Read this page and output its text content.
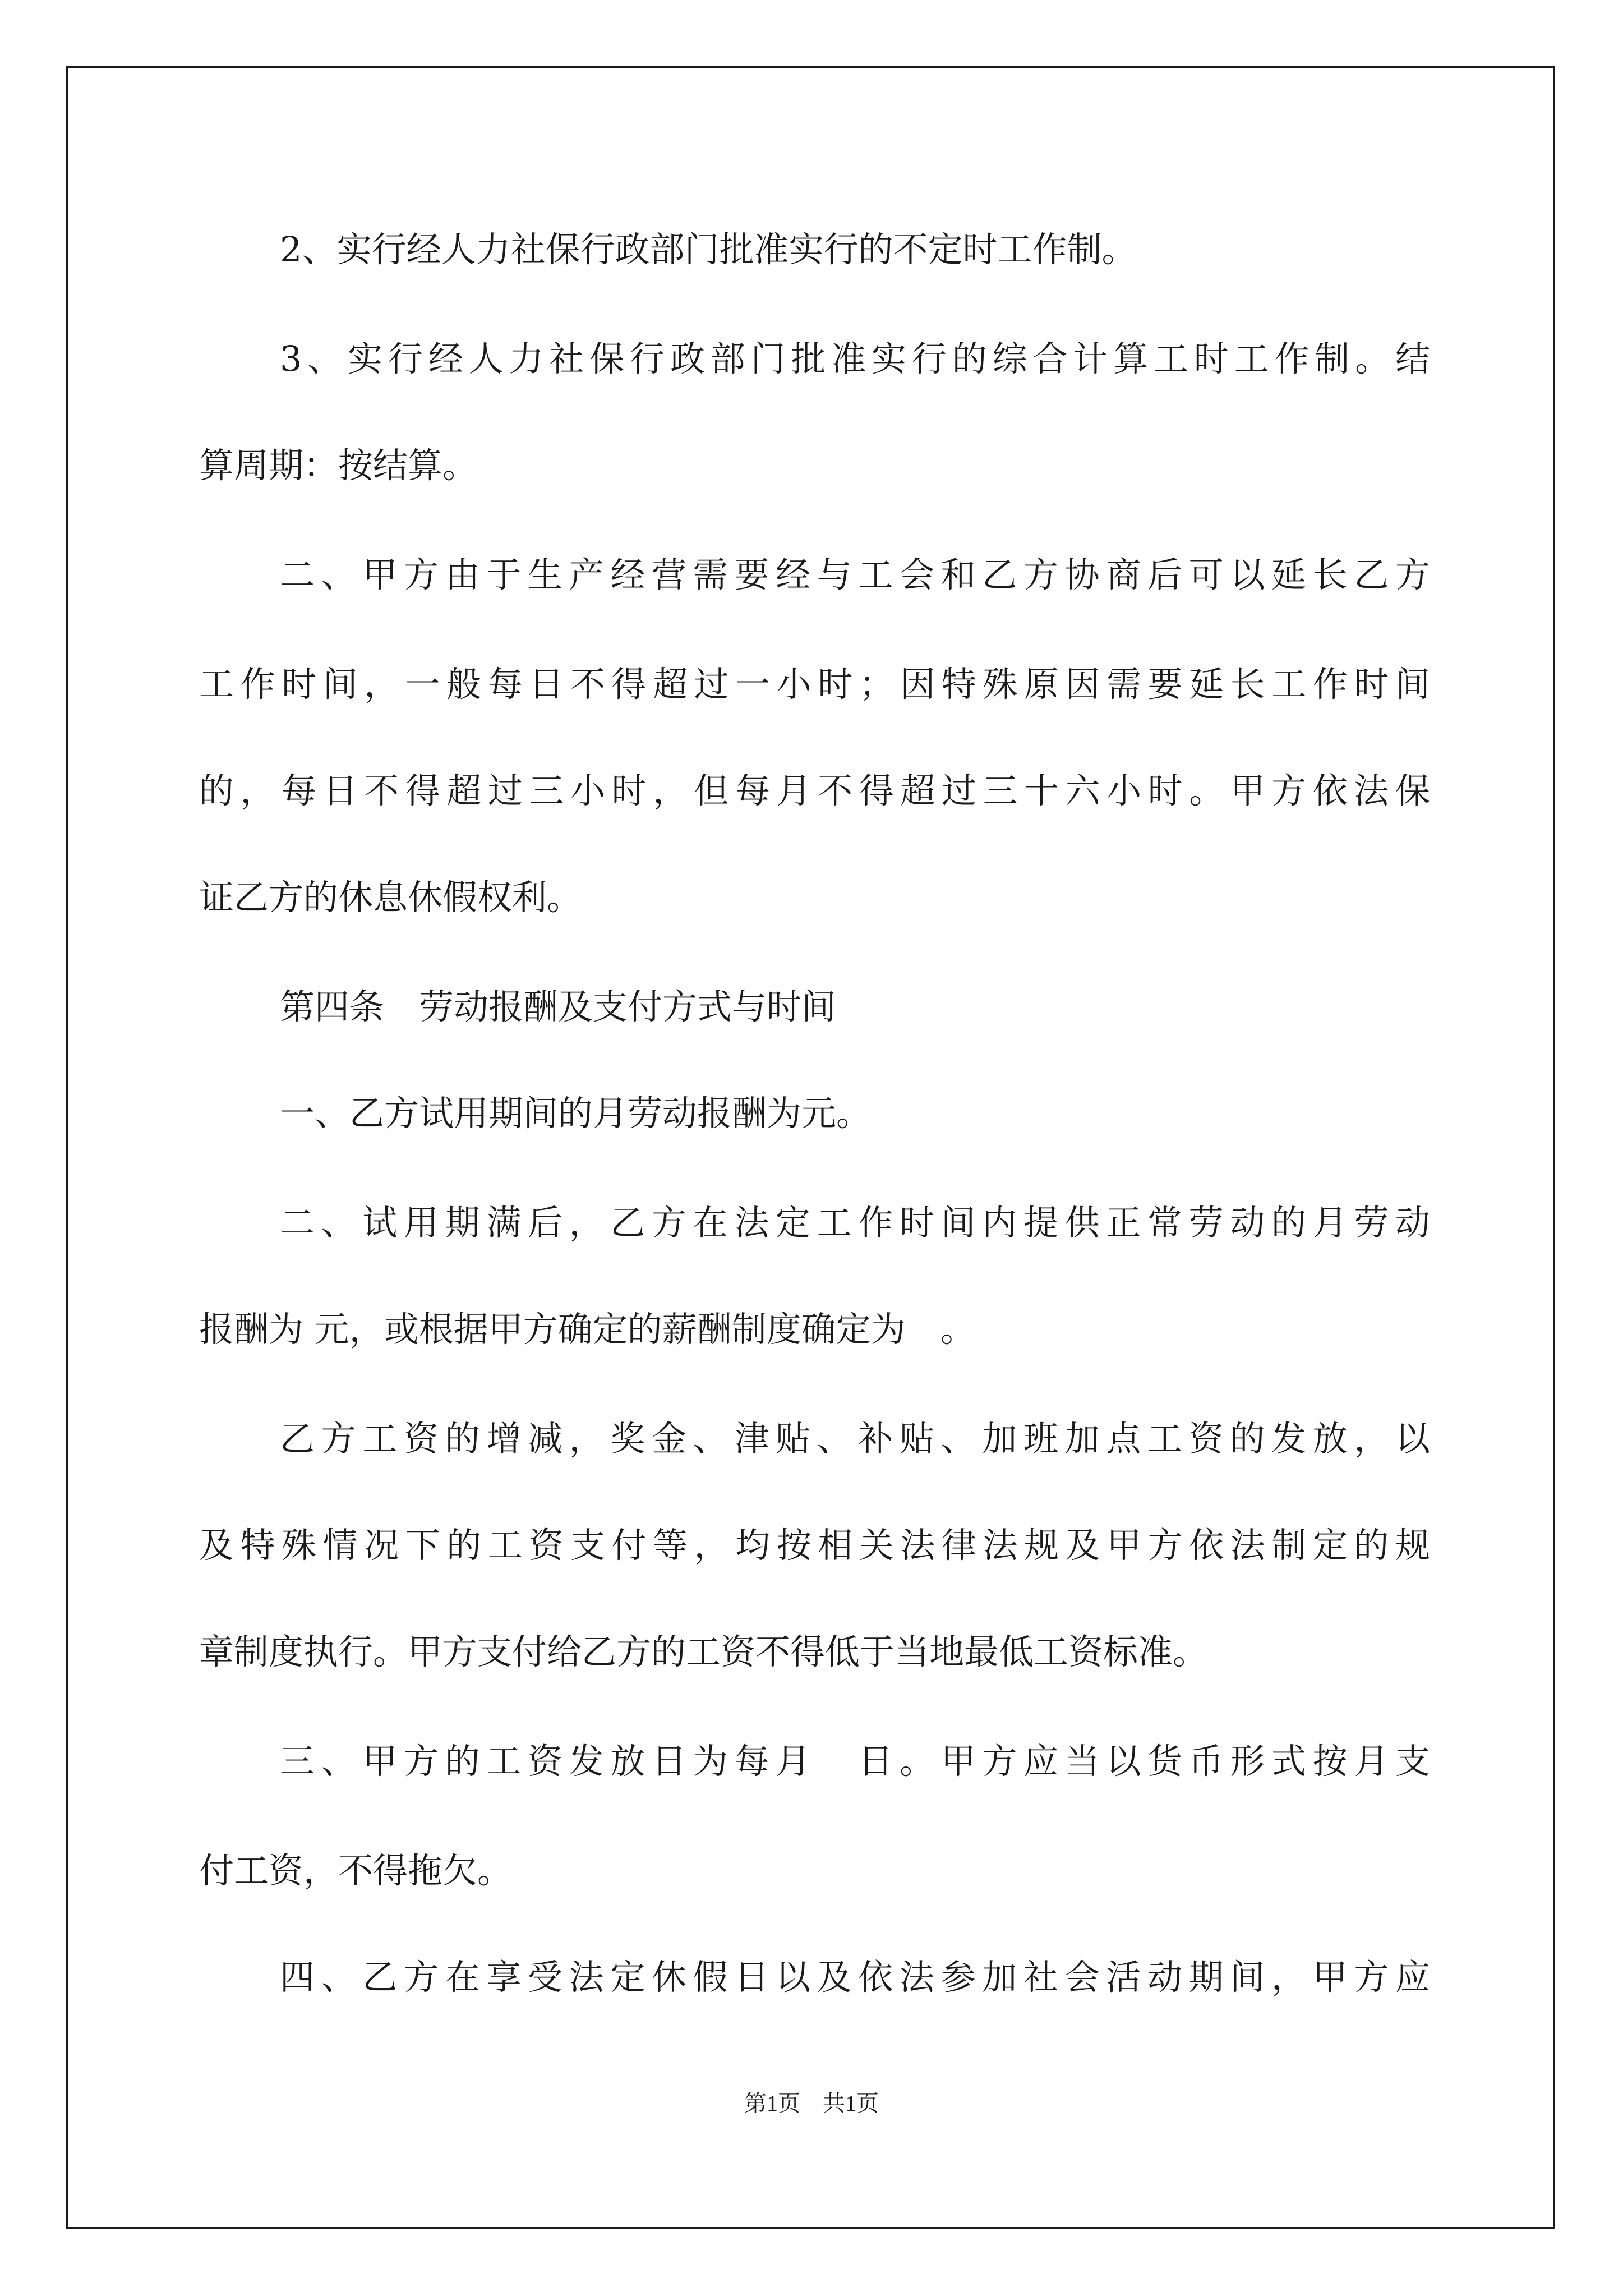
2、实行经人力社保行政部门批准实行的不定时工作制。
3、实行经人力社保行政部门批准实行的综合计算工时工作制。结
算周期：按结算。
二、甲方由于生产经营需要经与工会和乙方协商后可以延长乙方
工作时间，一般每日不得超过一小时；因特殊原因需要延长工作时间
的，每日不得超过三小时，但每月不得超过三十六小时。甲方依法保
证乙方的休息休假权利。
第四条　劳动报酬及支付方式与时间
一、乙方试用期间的月劳动报酬为元。
二、试用期满后，乙方在法定工作时间内提供正常劳动的月劳动
报酬为 元，或根据甲方确定的薪酬制度确定为　。
乙方工资的增减，奖金、津贴、补贴、加班加点工资的发放，以
及特殊情况下的工资支付等，均按相关法律法规及甲方依法制定的规
章制度执行。甲方支付给乙方的工资不得低于当地最低工资标准。
三、甲方的工资发放日为每月　日。甲方应当以货币形式按月支
付工资，不得拖欠。
四、乙方在享受法定休假日以及依法参加社会活动期间，甲方应
第1页　共1页
